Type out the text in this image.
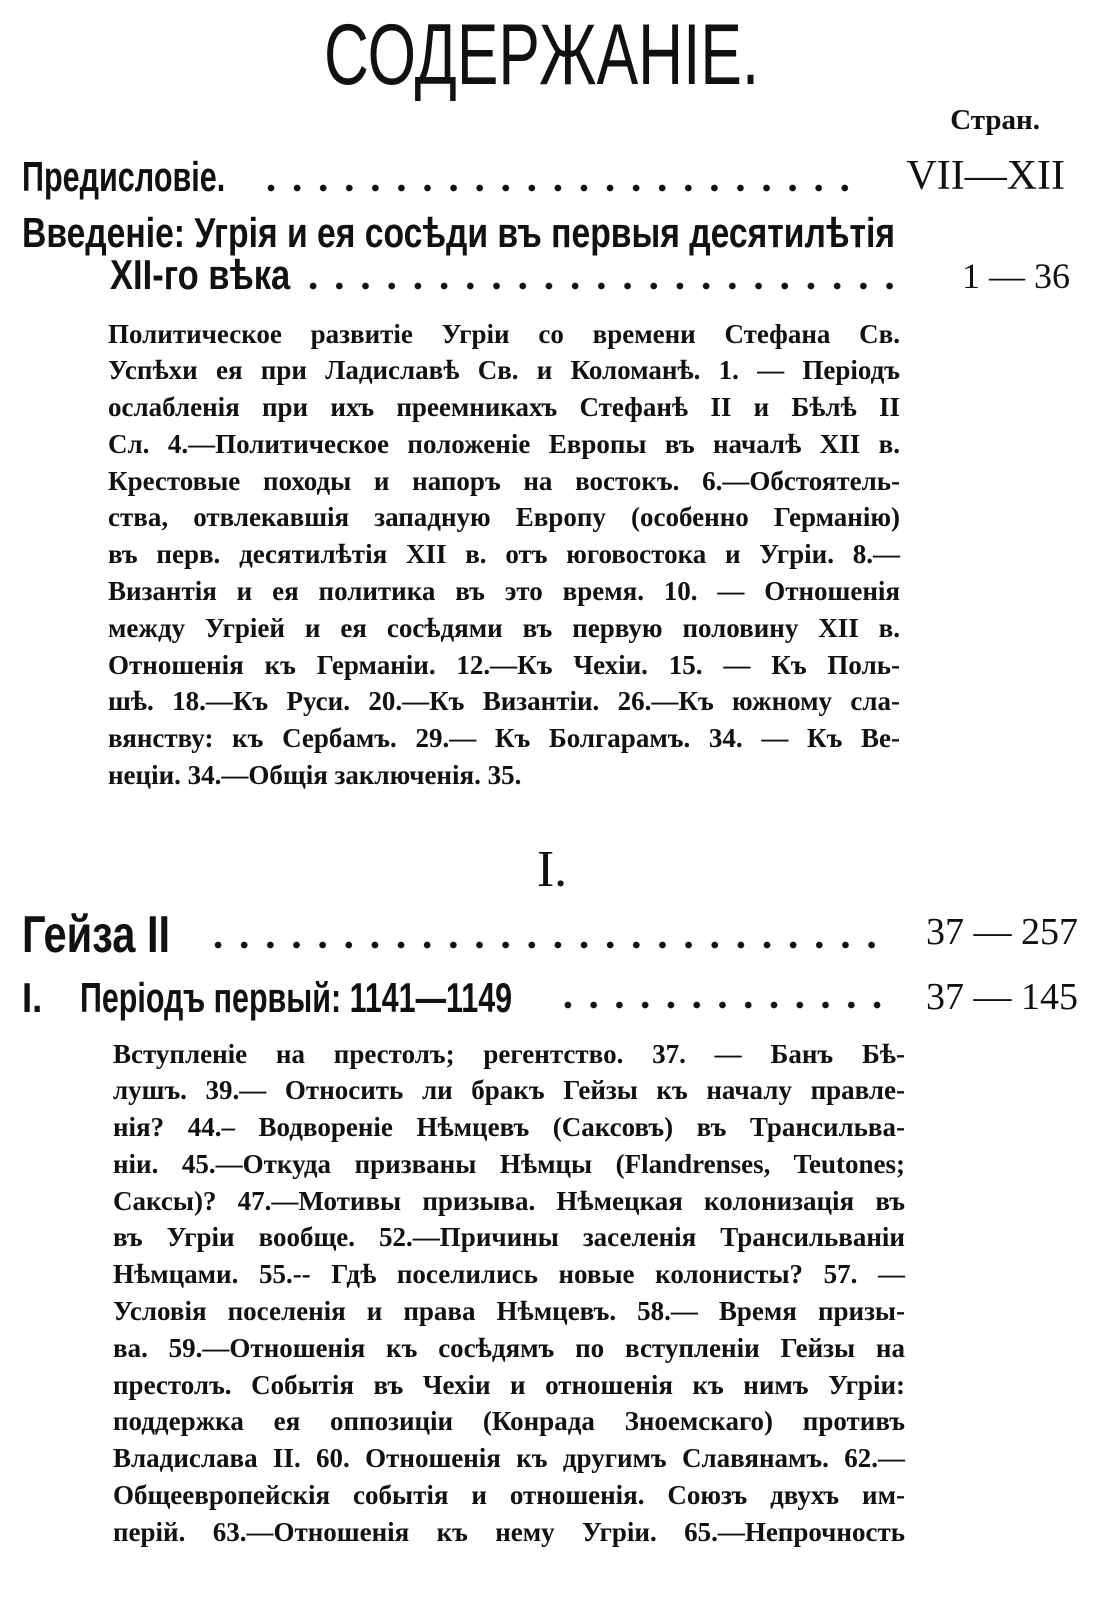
СОДЕРЖАНІЕ.
Стран.
Предисловіе.	VII—XII
Введеніе: Угрія и ея сосѣди въ первыя десятилѣтія
XII-го вѣка	1 — 36
Политическое развитіе Угріи со времени Стефана Св.
Успѣхи ея при Ладиславѣ Св. и Коломанѣ. 1. — Періодъ
ослабленія при ихъ преемникахъ Стефанѣ II и Бѣлѣ II
Сл. 4.—Политическое положеніе Европы въ началѣ XII в.
Крестовые походы и напоръ на востокъ. 6.—Обстоятель-
ства, отвлекавшія западную Европу (особенно Германію)
въ перв. десятилѣтія XII в. отъ юговостока и Угріи. 8.—
Византія и ея политика въ это время. 10. — Отношенія
между Угріей и ея сосѣдями въ первую половину XII в.
Отношенія къ Германіи. 12.—Къ Чехіи. 15. — Къ Поль-
шѣ. 18.—Къ Руси. 20.—Къ Византіи. 26.—Къ южному сла-
вянству: къ Сербамъ. 29.— Къ Болгарамъ. 34. — Къ Ве-
неціи. 34.—Общія заключенія. 35.
I.
Гейза II	37 — 257
I. Періодъ первый: 1141—1149	37 — 145
Вступленіе на престолъ; регентство. 37. — Банъ Бѣ-
лушъ. 39.— Относить ли бракъ Гейзы къ началу правле-
нія? 44.– Водвореніе Нѣмцевъ (Саксовъ) въ Трансильва-
ніи. 45.—Откуда призваны Нѣмцы (Flandrenses, Teutones;
Саксы)? 47.—Мотивы призыва. Нѣмецкая колонизація въ
въ Угріи вообще. 52.—Причины заселенія Трансильваніи
Нѣмцами. 55.-- Гдѣ поселились новые колонисты? 57. —
Условія поселенія и права Нѣмцевъ. 58.— Время призы-
ва. 59.—Отношенія къ сосѣдямъ по вступленіи Гейзы на
престолъ. Событія въ Чехіи и отношенія къ нимъ Угріи:
поддержка ея оппозиціи (Конрада Зноемскаго) противъ
Владислава II. 60. Отношенія къ другимъ Славянамъ. 62.—
Общеевропейскія событія и отношенія. Союзъ двухъ им-
перій. 63.—Отношенія къ нему Угріи. 65.—Непрочность
